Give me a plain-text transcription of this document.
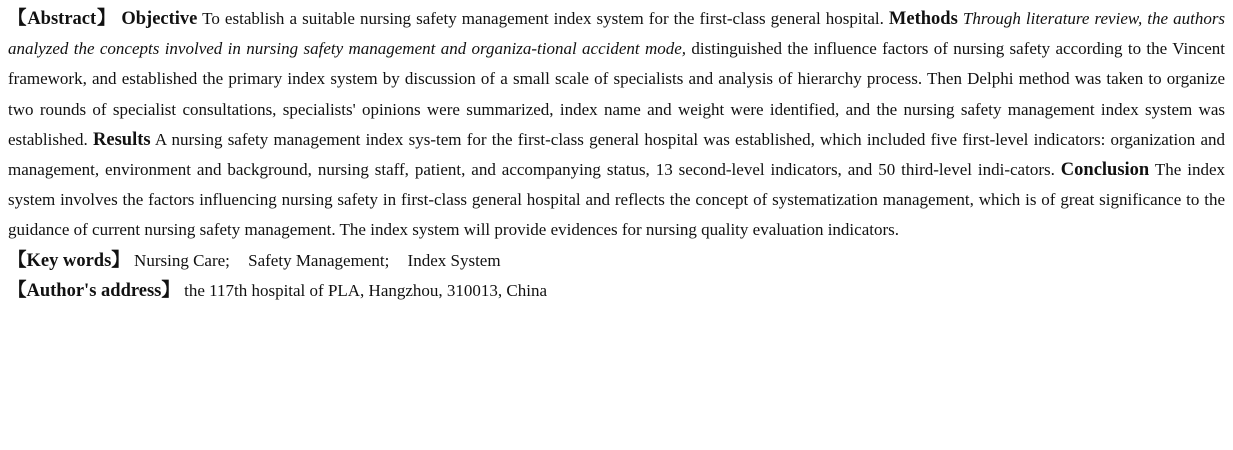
【Abstract】 Objective To establish a suitable nursing safety management index system for the first-class general hospital. Methods Through literature review, the authors analyzed the concepts involved in nursing safety management and organiza-tional accident mode, distinguished the influence factors of nursing safety according to the Vincent framework, and established the primary index system by discussion of a small scale of specialists and analysis of hierarchy process. Then Delphi method was taken to organize two rounds of specialist consultations, specialists' opinions were summarized, index name and weight were identified, and the nursing safety management index system was established. Results A nursing safety management index sys-tem for the first-class general hospital was established, which included five first-level indicators: organization and management, environment and background, nursing staff, patient, and accompanying status, 13 second-level indicators, and 50 third-level indi-cators. Conclusion The index system involves the factors influencing nursing safety in first-class general hospital and reflects the concept of systematization management, which is of great significance to the guidance of current nursing safety management. The index system will provide evidences for nursing quality evaluation indicators.

【Key words】 Nursing Care; Safety Management; Index System

【Author's address】 the 117th hospital of PLA, Hangzhou, 310013, China
